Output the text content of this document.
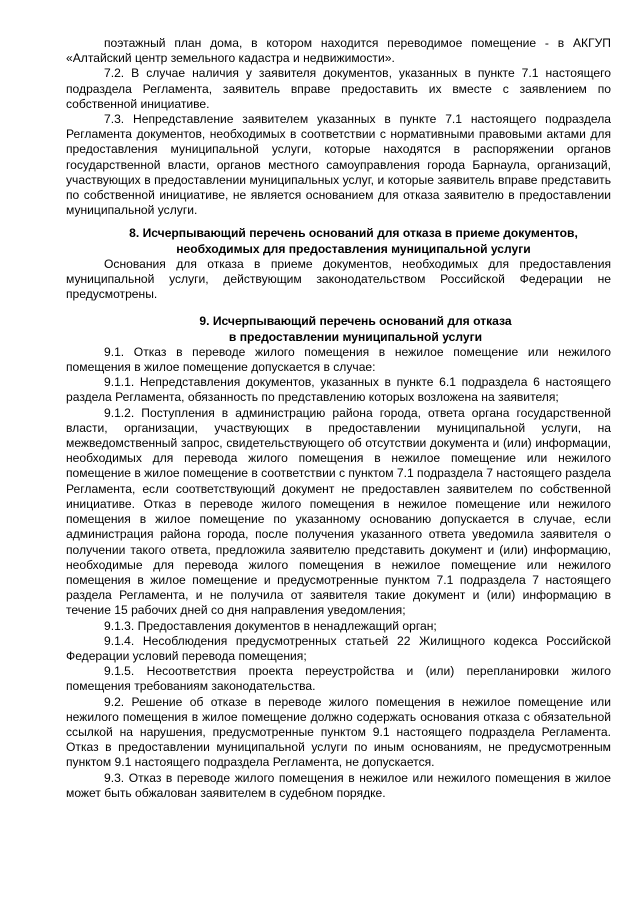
поэтажный план дома, в котором находится переводимое помещение - в АКГУП «Алтайский центр земельного кадастра и недвижимости».

7.2. В случае наличия у заявителя документов, указанных в пункте 7.1 настоящего подраздела Регламента, заявитель вправе предоставить их вместе с заявлением по собственной инициативе.

7.3. Непредставление заявителем указанных в пункте 7.1 настоящего подраздела Регламента документов, необходимых в соответствии с нормативными правовыми актами для предоставления муниципальной услуги, которые находятся в распоряжении органов государственной власти, органов местного самоуправления города Барнаула, организаций, участвующих в предоставлении муниципальных услуг, и которые заявитель вправе представить по собственной инициативе, не является основанием для отказа заявителю в предоставлении муниципальной услуги.

8. Исчерпывающий перечень оснований для отказа в приеме документов,

необходимых для предоставления муниципальной услуги

Основания для отказа в приеме документов, необходимых для предоставления муниципальной услуги, действующим законодательством Российской Федерации не предусмотрены.

9. Исчерпывающий перечень оснований для отказа

в предоставлении муниципальной услуги

9.1. Отказ в переводе жилого помещения в нежилое помещение или нежилого помещения в жилое помещение допускается в случае:

9.1.1. Непредставления документов, указанных в пункте 6.1 подраздела 6 настоящего раздела Регламента, обязанность по представлению которых возложена на заявителя;

9.1.2. Поступления в администрацию района города, ответа органа государственной власти, организации, участвующих в предоставлении муниципальной услуги, на межведомственный запрос, свидетельствующего об отсутствии документа и (или) информации, необходимых для перевода жилого помещения в нежилое помещение или нежилого помещение в жилое помещение в соответствии с пунктом 7.1 подраздела 7 настоящего раздела Регламента, если соответствующий документ не предоставлен заявителем по собственной инициативе. Отказ в переводе жилого помещения в нежилое помещение или нежилого помещения в жилое помещение по указанному основанию допускается в случае, если администрация района города, после получения указанного ответа уведомила заявителя о получении такого ответа, предложила заявителю представить документ и (или) информацию, необходимые для перевода жилого помещения в нежилое помещение или нежилого помещения в жилое помещение и предусмотренные пунктом 7.1 подраздела 7 настоящего раздела Регламента, и не получила от заявителя такие документ и (или) информацию в течение 15 рабочих дней со дня направления уведомления;

9.1.3. Предоставления документов в ненадлежащий орган;

9.1.4. Несоблюдения предусмотренных статьей 22 Жилищного кодекса Российской Федерации условий перевода помещения;

9.1.5. Несоответствия проекта переустройства и (или) перепланировки жилого помещения требованиям законодательства.

9.2. Решение об отказе в переводе жилого помещения в нежилое помещение или нежилого помещения в жилое помещение должно содержать основания отказа с обязательной ссылкой на нарушения, предусмотренные пунктом 9.1 настоящего подраздела Регламента. Отказ в предоставлении муниципальной услуги по иным основаниям, не предусмотренным пунктом 9.1 настоящего подраздела Регламента, не допускается.

9.3. Отказ в переводе жилого помещения в нежилое или нежилого помещения в жилое может быть обжалован заявителем в судебном порядке.
